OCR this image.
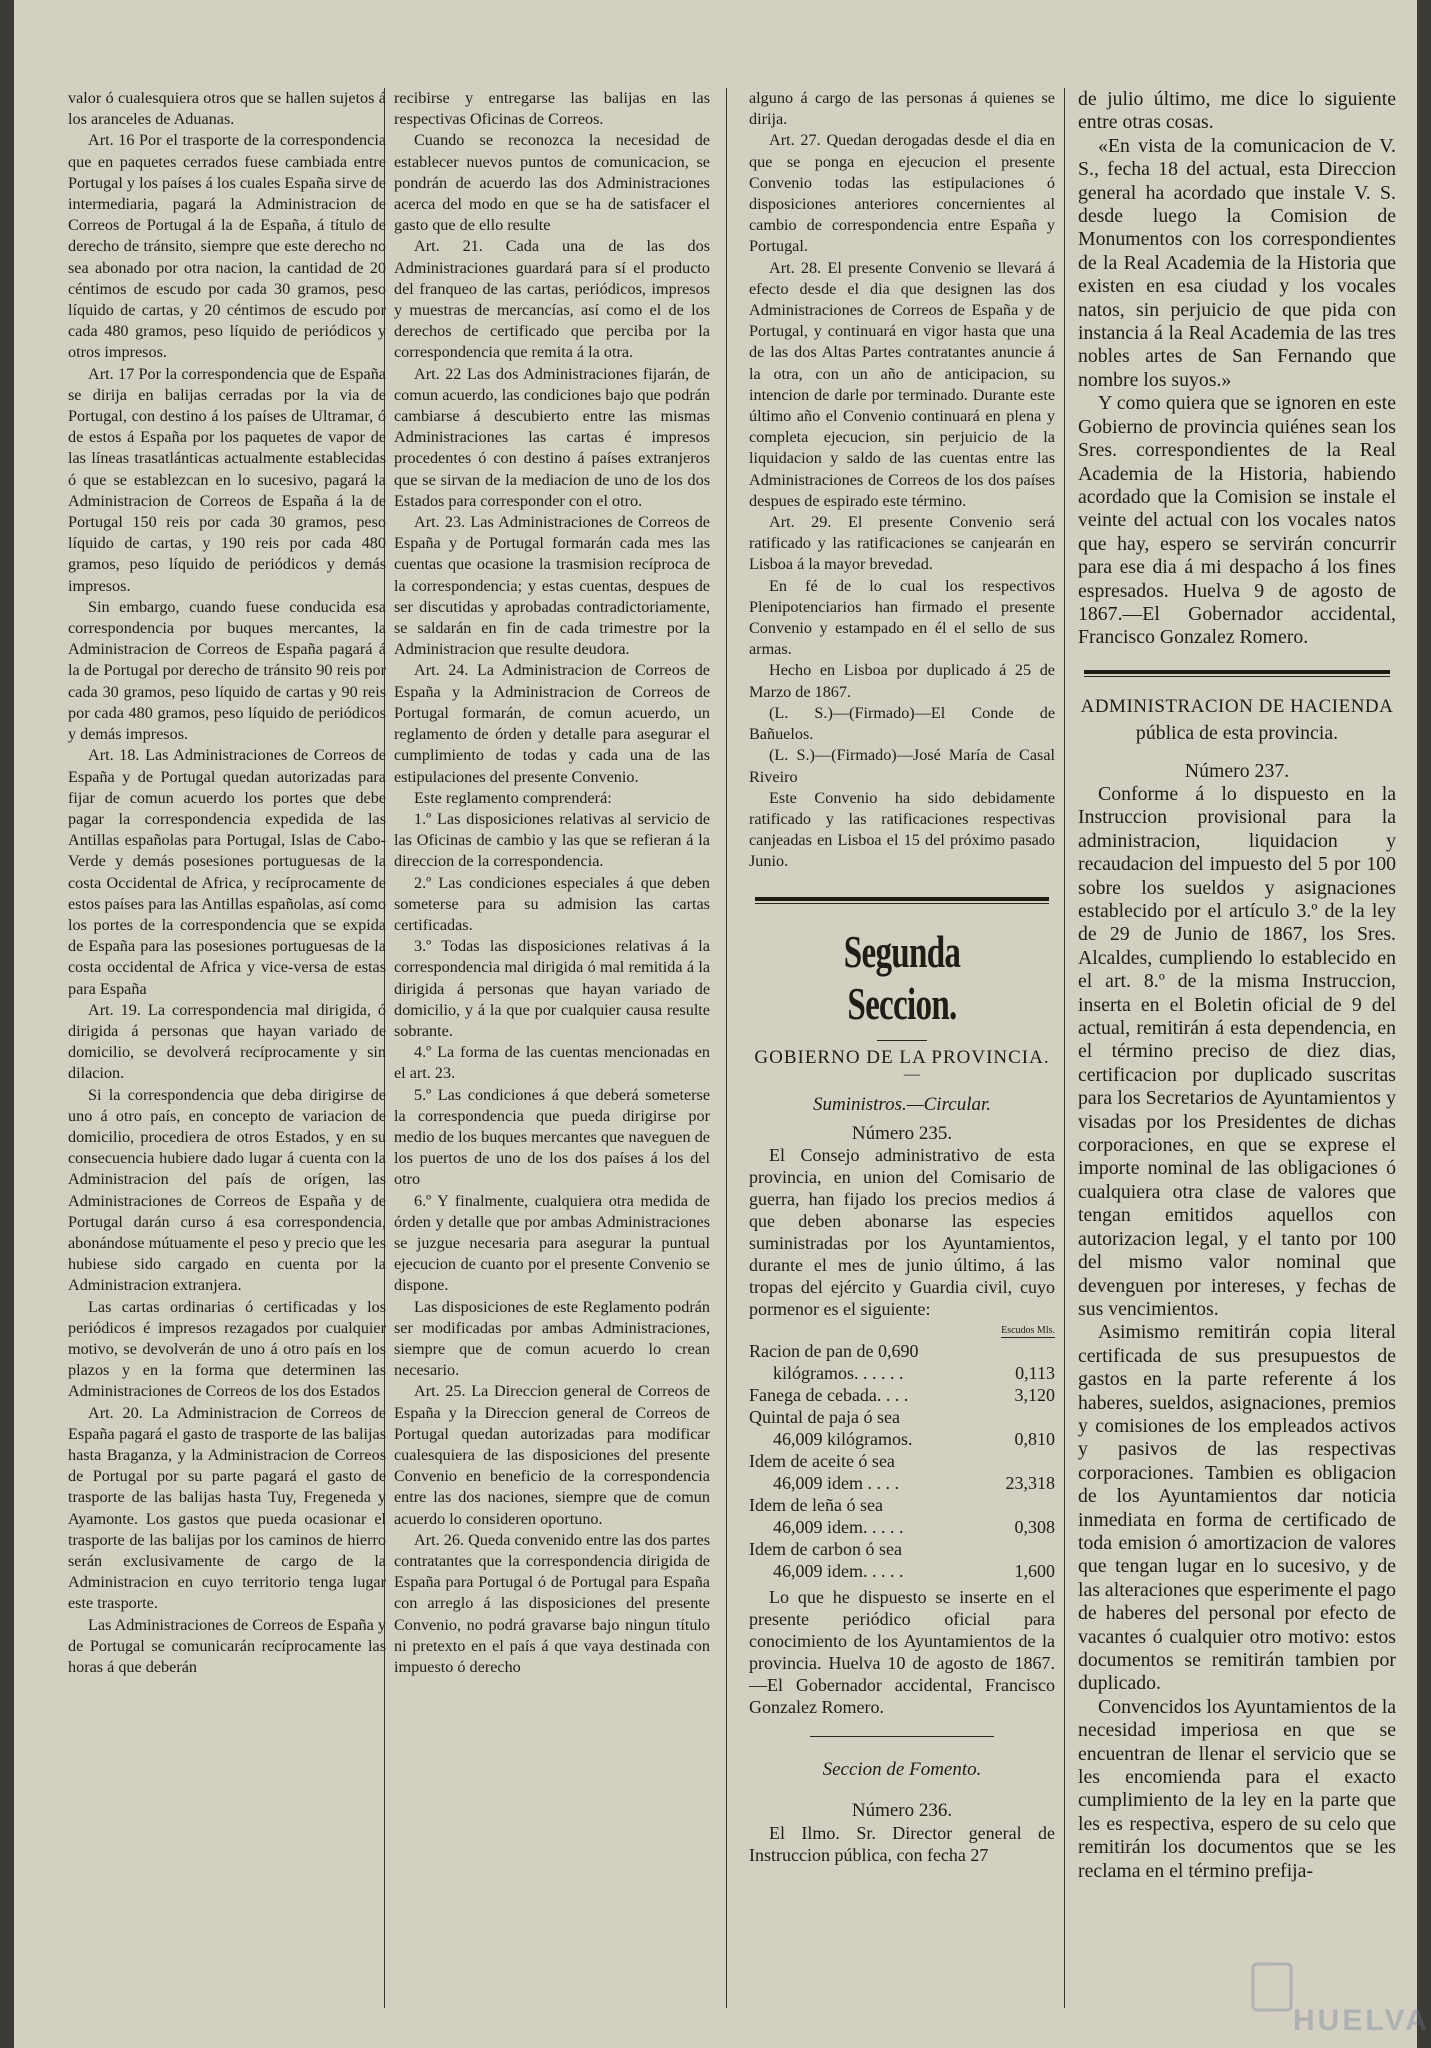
valor ó cualesquiera otros que se hallen sujetos á los aranceles de Aduanas.

Art. 16 Por el trasporte de la correspondencia que en paquetes cerrados fuese cambiada entre Portugal y los países á los cuales España sirve de intermediaria, pagará la Administracion de Correos de Portugal á la de España, á título de derecho de tránsito, siempre que este derecho no sea abonado por otra nacion, la cantidad de 20 céntimos de escudo por cada 30 gramos, peso líquido de cartas, y 20 céntimos de escudo por cada 480 gramos, peso líquido de periódicos y otros impresos.

Art. 17 Por la correspondencia que de España se dirija en balijas cerradas por la via de Portugal, con destino á los países de Ultramar, ó de estos á España por los paquetes de vapor de las líneas trasatlánticas actualmente establecidas ó que se establezcan en lo sucesivo, pagará la Administracion de Correos de España á la de Portugal 150 reis por cada 30 gramos, peso líquido de cartas, y 190 reis por cada 480 gramos, peso líquido de periódicos y demás impresos.

Sin embargo, cuando fuese conducida esa correspondencia por buques mercantes, la Administracion de Correos de España pagará á la de Portugal por derecho de tránsito 90 reis por cada 30 gramos, peso líquido de cartas y 90 reis por cada 480 gramos, peso líquido de periódicos y demás impresos.

Art. 18. Las Administraciones de Correos de España y de Portugal quedan autorizadas para fijar de comun acuerdo los portes que debe pagar la correspondencia expedida de las Antillas españolas para Portugal, Islas de Cabo-Verde y demás posesiones portuguesas de la costa Occidental de Africa, y recíprocamente de estos países para las Antillas españolas, así como los portes de la correspondencia que se expida de España para las posesiones portuguesas de la costa occidental de Africa y vice-versa de estas para España

Art. 19. La correspondencia mal dirigida, ó dirigida á personas que hayan variado de domicilio, se devolverá recíprocamente y sin dilacion.

Si la correspondencia que deba dirigirse de uno á otro país, en concepto de variacion de domicilio, procediera de otros Estados, y en su consecuencia hubiere dado lugar á cuenta con la Administracion del país de orígen, las Administraciones de Correos de España y de Portugal darán curso á esa correspondencia, abonándose mútuamente el peso y precio que les hubiese sido cargado en cuenta por la Administracion extranjera.

Las cartas ordinarias ó certificadas y los periódicos é impresos rezagados por cualquier motivo, se devolverán de uno á otro país en los plazos y en la forma que determinen las Administraciones de Correos de los dos Estados

Art. 20. La Administracion de Correos de España pagará el gasto de trasporte de las balijas hasta Braganza, y la Administracion de Correos de Portugal por su parte pagará el gasto de trasporte de las balijas hasta Tuy, Fregeneda y Ayamonte. Los gastos que pueda ocasionar el trasporte de las balijas por los caminos de hierro serán exclusivamente de cargo de la Administracion en cuyo territorio tenga lugar este trasporte.

Las Administraciones de Correos de España y de Portugal se comunicarán recíprocamente las horas á que deberán

recibirse y entregarse las balijas en las respectivas Oficinas de Correos.

Cuando se reconozca la necesidad de establecer nuevos puntos de comunicacion, se pondrán de acuerdo las dos Administraciones acerca del modo en que se ha de satisfacer el gasto que de ello resulte

Art. 21. Cada una de las dos Administraciones guardará para sí el producto del franqueo de las cartas, periódicos, impresos y muestras de mercancías, así como el de los derechos de certificado que perciba por la correspondencia que remita á la otra.

Art. 22 Las dos Administraciones fijarán, de comun acuerdo, las condiciones bajo que podrán cambiarse á descubierto entre las mismas Administraciones las cartas é impresos procedentes ó con destino á países extranjeros que se sirvan de la mediacion de uno de los dos Estados para corresponder con el otro.

Art. 23. Las Administraciones de Correos de España y de Portugal formarán cada mes las cuentas que ocasione la trasmision recíproca de la correspondencia; y estas cuentas, despues de ser discutidas y aprobadas contradictoriamente, se saldarán en fin de cada trimestre por la Administracion que resulte deudora.

Art. 24. La Administracion de Correos de España y la Administracion de Correos de Portugal formarán, de comun acuerdo, un reglamento de órden y detalle para asegurar el cumplimiento de todas y cada una de las estipulaciones del presente Convenio.

Este reglamento comprenderá:

1.º Las disposiciones relativas al servicio de las Oficinas de cambio y las que se refieran á la direccion de la correspondencia.

2.º Las condiciones especiales á que deben someterse para su admision las cartas certificadas.

3.º Todas las disposiciones relativas á la correspondencia mal dirigida ó mal remitida á la dirigida á personas que hayan variado de domicilio, y á la que por cualquier causa resulte sobrante.

4.º La forma de las cuentas mencionadas en el art. 23.

5.º Las condiciones á que deberá someterse la correspondencia que pueda dirigirse por medio de los buques mercantes que naveguen de los puertos de uno de los dos países á los del otro

6.º Y finalmente, cualquiera otra medida de órden y detalle que por ambas Administraciones se juzgue necesaria para asegurar la puntual ejecucion de cuanto por el presente Convenio se dispone.

Las disposiciones de este Reglamento podrán ser modificadas por ambas Administraciones, siempre que de comun acuerdo lo crean necesario.

Art. 25. La Direccion general de Correos de España y la Direccion general de Correos de Portugal quedan autorizadas para modificar cualesquiera de las disposiciones del presente Convenio en beneficio de la correspondencia entre las dos naciones, siempre que de comun acuerdo lo consideren oportuno.

Art. 26. Queda convenido entre las dos partes contratantes que la correspondencia dirigida de España para Portugal ó de Portugal para España con arreglo á las disposiciones del presente Convenio, no podrá gravarse bajo ningun título ni pretexto en el país á que vaya destinada con impuesto ó derecho

alguno á cargo de las personas á quienes se dirija.

Art. 27. Quedan derogadas desde el dia en que se ponga en ejecucion el presente Convenio todas las estipulaciones ó disposiciones anteriores concernientes al cambio de correspondencia entre España y Portugal.

Art. 28. El presente Convenio se llevará á efecto desde el dia que designen las dos Administraciones de Correos de España y de Portugal, y continuará en vigor hasta que una de las dos Altas Partes contratantes anuncie á la otra, con un año de anticipacion, su intencion de darle por terminado. Durante este último año el Convenio continuará en plena y completa ejecucion, sin perjuicio de la liquidacion y saldo de las cuentas entre las Administraciones de Correos de los dos países despues de espirado este término.

Art. 29. El presente Convenio será ratificado y las ratificaciones se canjearán en Lisboa á la mayor brevedad.

En fé de lo cual los respectivos Plenipotenciarios han firmado el presente Convenio y estampado en él el sello de sus armas.

Hecho en Lisboa por duplicado á 25 de Marzo de 1867.

(L. S.)—(Firmado)—El Conde de Bañuelos.

(L. S.)—(Firmado)—José María de Casal Riveiro

Este Convenio ha sido debidamente ratificado y las ratificaciones respectivas canjeadas en Lisboa el 15 del próximo pasado Junio.

Segunda Seccion.

GOBIERNO DE LA PROVINCIA.

—

Suministros.—Circular.

Número 235.

El Consejo administrativo de esta provincia, en union del Comisario de guerra, han fijado los precios medios á que deben abonarse las especies suministradas por los Ayuntamientos, durante el mes de junio último, á las tropas del ejército y Guardia civil, cuyo pormenor es el siguiente:

Escudos Mls.
Racion de pan de 0,690	
kilógramos. . . . . .	0,113
Fanega de cebada. . . .	3,120
Quintal de paja ó sea	
46,009 kilógramos.	0,810
Idem de aceite ó sea	
46,009 idem . . . .	23,318
Idem de leña ó sea	
46,009 idem. . . . .	0,308
Idem de carbon ó sea	
46,009 idem. . . . .	1,600

Lo que he dispuesto se inserte en el presente periódico oficial para conocimiento de los Ayuntamientos de la provincia. Huelva 10 de agosto de 1867.—El Gobernador accidental, Francisco Gonzalez Romero.

Seccion de Fomento.

Número 236.

El Ilmo. Sr. Director general de Instruccion pública, con fecha 27

de julio último, me dice lo siguiente entre otras cosas.

«En vista de la comunicacion de V. S., fecha 18 del actual, esta Direccion general ha acordado que instale V. S. desde luego la Comision de Monumentos con los correspondientes de la Real Academia de la Historia que existen en esa ciudad y los vocales natos, sin perjuicio de que pida con instancia á la Real Academia de las tres nobles artes de San Fernando que nombre los suyos.»

Y como quiera que se ignoren en este Gobierno de provincia quiénes sean los Sres. correspondientes de la Real Academia de la Historia, habiendo acordado que la Comision se instale el veinte del actual con los vocales natos que hay, espero se servirán concurrir para ese dia á mi despacho á los fines espresados. Huelva 9 de agosto de 1867.—El Gobernador accidental, Francisco Gonzalez Romero.

ADMINISTRACION DE HACIENDA

pública de esta provincia.

Número 237.

Conforme á lo dispuesto en la Instruccion provisional para la administracion, liquidacion y recaudacion del impuesto del 5 por 100 sobre los sueldos y asignaciones establecido por el artículo 3.º de la ley de 29 de Junio de 1867, los Sres. Alcaldes, cumpliendo lo establecido en el art. 8.º de la misma Instruccion, inserta en el Boletin oficial de 9 del actual, remitirán á esta dependencia, en el término preciso de diez dias, certificacion por duplicado suscritas para los Secretarios de Ayuntamientos y visadas por los Presidentes de dichas corporaciones, en que se exprese el importe nominal de las obligaciones ó cualquiera otra clase de valores que tengan emitidos aquellos con autorizacion legal, y el tanto por 100 del mismo valor nominal que devenguen por intereses, y fechas de sus vencimientos.

Asimismo remitirán copia literal certificada de sus presupuestos de gastos en la parte referente á los haberes, sueldos, asignaciones, premios y comisiones de los empleados activos y pasivos de las respectivas corporaciones. Tambien es obligacion de los Ayuntamientos dar noticia inmediata en forma de certificado de toda emision ó amortizacion de valores que tengan lugar en lo sucesivo, y de las alteraciones que esperimente el pago de haberes del personal por efecto de vacantes ó cualquier otro motivo: estos documentos se remitirán tambien por duplicado.

Convencidos los Ayuntamientos de la necesidad imperiosa en que se encuentran de llenar el servicio que se les encomienda para el exacto cumplimiento de la ley en la parte que les es respectiva, espero de su celo que remitirán los documentos que se les reclama en el término prefija-

HUELVA
